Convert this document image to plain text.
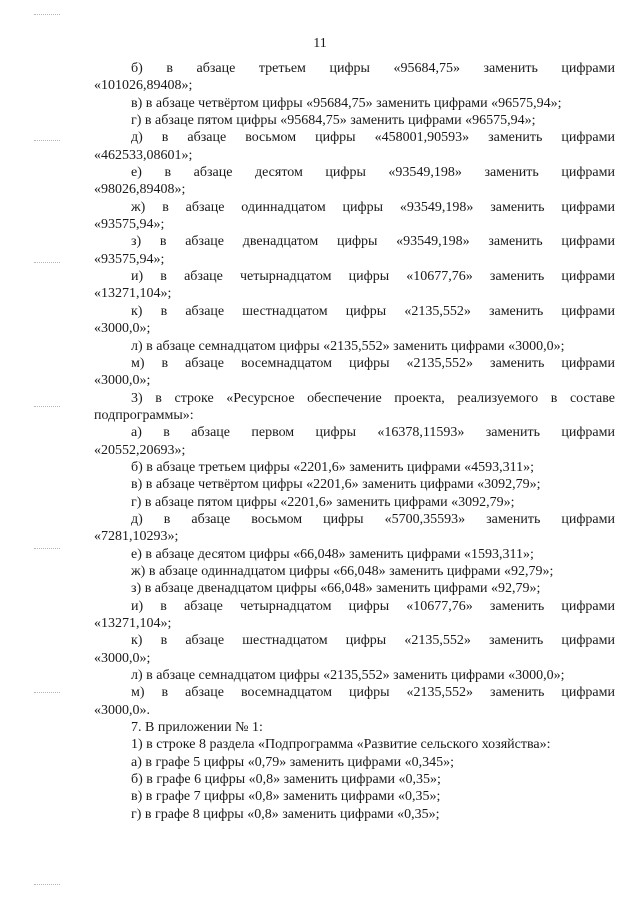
11
б) в абзаце третьем цифры «95684,75» заменить цифрами
«101026,89408»;
в) в абзаце четвёртом цифры «95684,75» заменить цифрами «96575,94»;
г) в абзаце пятом цифры «95684,75» заменить цифрами «96575,94»;
д) в абзаце восьмом цифры «458001,90593» заменить цифрами
«462533,08601»;
е) в абзаце десятом цифры «93549,198» заменить цифрами
«98026,89408»;
ж) в абзаце одиннадцатом цифры «93549,198» заменить цифрами
«93575,94»;
з) в абзаце двенадцатом цифры «93549,198» заменить цифрами
«93575,94»;
и) в абзаце четырнадцатом цифры «10677,76» заменить цифрами
«13271,104»;
к) в абзаце шестнадцатом цифры «2135,552» заменить цифрами
«3000,0»;
л) в абзаце семнадцатом цифры «2135,552» заменить цифрами «3000,0»;
м) в абзаце восемнадцатом цифры «2135,552» заменить цифрами
«3000,0»;
3) в строке «Ресурсное обеспечение проекта, реализуемого в составе
подпрограммы»:
а) в абзаце первом цифры «16378,11593» заменить цифрами
«20552,20693»;
б) в абзаце третьем цифры «2201,6» заменить цифрами «4593,311»;
в) в абзаце четвёртом цифры «2201,6» заменить цифрами «3092,79»;
г) в абзаце пятом цифры «2201,6» заменить цифрами «3092,79»;
д) в абзаце восьмом цифры «5700,35593» заменить цифрами
«7281,10293»;
е) в абзаце десятом цифры «66,048» заменить цифрами «1593,311»;
ж) в абзаце одиннадцатом цифры «66,048» заменить цифрами «92,79»;
з) в абзаце двенадцатом цифры «66,048» заменить цифрами «92,79»;
и) в абзаце четырнадцатом цифры «10677,76» заменить цифрами
«13271,104»;
к) в абзаце шестнадцатом цифры «2135,552» заменить цифрами
«3000,0»;
л) в абзаце семнадцатом цифры «2135,552» заменить цифрами «3000,0»;
м) в абзаце восемнадцатом цифры «2135,552» заменить цифрами
«3000,0».
7. В приложении № 1:
1) в строке 8 раздела «Подпрограмма «Развитие сельского хозяйства»:
а) в графе 5 цифры «0,79» заменить цифрами «0,345»;
б) в графе 6 цифры «0,8» заменить цифрами «0,35»;
в) в графе 7 цифры «0,8» заменить цифрами «0,35»;
г) в графе 8 цифры «0,8» заменить цифрами «0,35»;
